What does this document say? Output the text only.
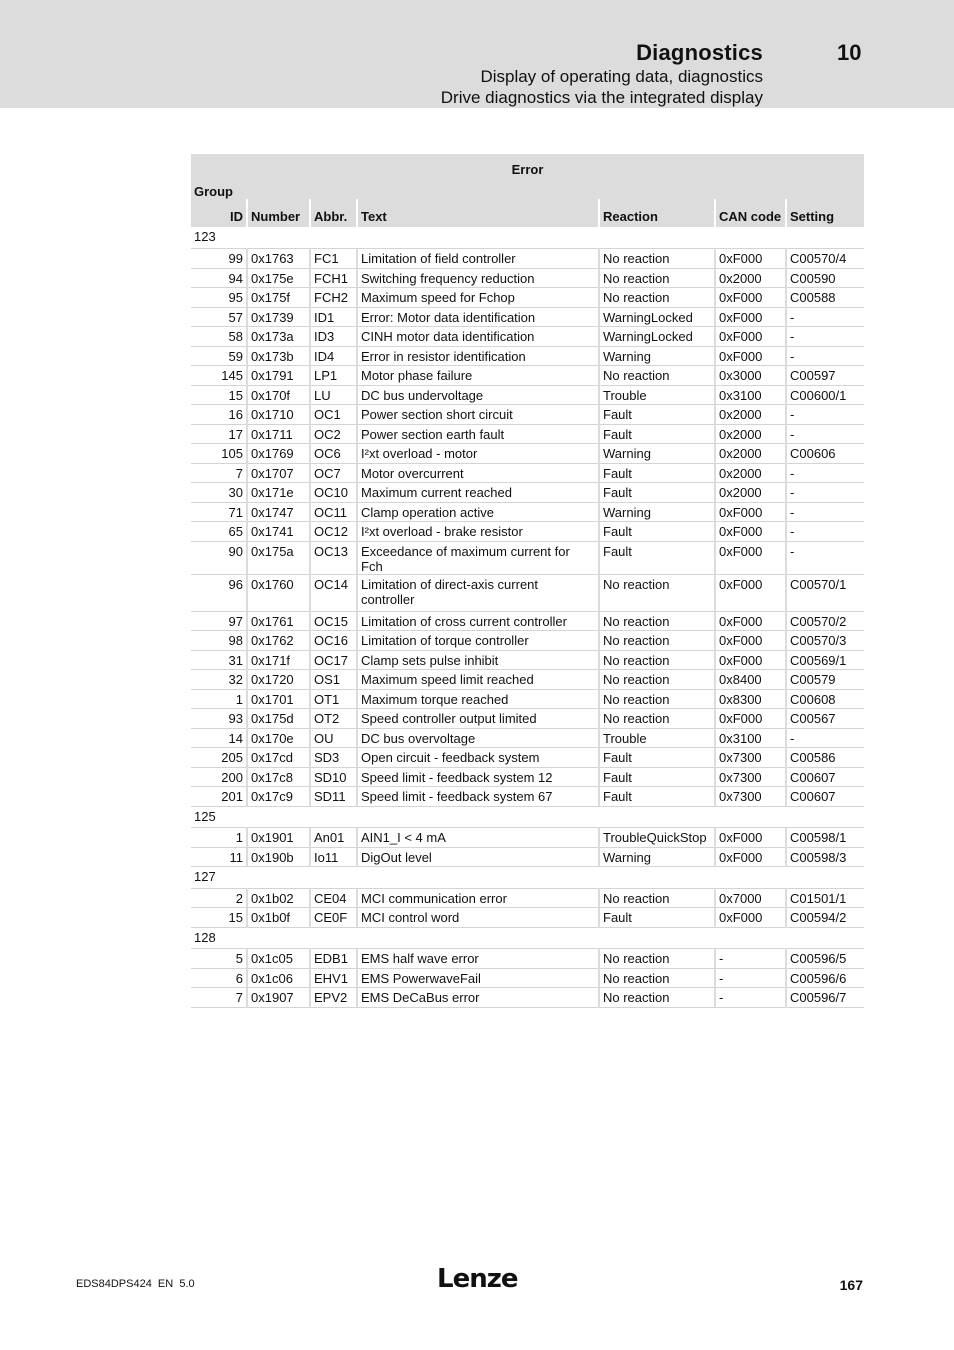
Diagnostics	10
Display of operating data, diagnostics
Drive diagnostics via the integrated display
Error						
Group						
ID	Number	Abbr.	Text	Reaction	CAN code	Setting
123						
99	0x1763	FC1	Limitation of field controller	No reaction	0xF000	C00570/4
94	0x175e	FCH1	Switching frequency reduction	No reaction	0x2000	C00590
95	0x175f	FCH2	Maximum speed for Fchop	No reaction	0xF000	C00588
57	0x1739	ID1	Error: Motor data identification	WarningLocked	0xF000	-
58	0x173a	ID3	CINH motor data identification	WarningLocked	0xF000	-
59	0x173b	ID4	Error in resistor identification	Warning	0xF000	-
145	0x1791	LP1	Motor phase failure	No reaction	0x3000	C00597
15	0x170f	LU	DC bus undervoltage	Trouble	0x3100	C00600/1
16	0x1710	OC1	Power section short circuit	Fault	0x2000	-
17	0x1711	OC2	Power section earth fault	Fault	0x2000	-
105	0x1769	OC6	I²xt overload - motor	Warning	0x2000	C00606
7	0x1707	OC7	Motor overcurrent	Fault	0x2000	-
30	0x171e	OC10	Maximum current reached	Fault	0x2000	-
71	0x1747	OC11	Clamp operation active	Warning	0xF000	-
65	0x1741	OC12	I²xt overload - brake resistor	Fault	0xF000	-
90	0x175a	OC13	Exceedance of maximum current for Fch	Fault	0xF000	-
96	0x1760	OC14	Limitation of direct-axis current controller	No reaction	0xF000	C00570/1
97	0x1761	OC15	Limitation of cross current controller	No reaction	0xF000	C00570/2
98	0x1762	OC16	Limitation of torque controller	No reaction	0xF000	C00570/3
31	0x171f	OC17	Clamp sets pulse inhibit	No reaction	0xF000	C00569/1
32	0x1720	OS1	Maximum speed limit reached	No reaction	0x8400	C00579
1	0x1701	OT1	Maximum torque reached	No reaction	0x8300	C00608
93	0x175d	OT2	Speed controller output limited	No reaction	0xF000	C00567
14	0x170e	OU	DC bus overvoltage	Trouble	0x3100	-
205	0x17cd	SD3	Open circuit - feedback system	Fault	0x7300	C00586
200	0x17c8	SD10	Speed limit - feedback system 12	Fault	0x7300	C00607
201	0x17c9	SD11	Speed limit - feedback system 67	Fault	0x7300	C00607
125						
1	0x1901	An01	AIN1_I < 4 mA	TroubleQuickStop	0xF000	C00598/1
11	0x190b	Io11	DigOut level	Warning	0xF000	C00598/3
127						
2	0x1b02	CE04	MCI communication error	No reaction	0x7000	C01501/1
15	0x1b0f	CE0F	MCI control word	Fault	0xF000	C00594/2
128						
5	0x1c05	EDB1	EMS half wave error	No reaction	-	C00596/5
6	0x1c06	EHV1	EMS PowerwaveFail	No reaction	-	C00596/6
7	0x1907	EPV2	EMS DeCaBus error	No reaction	-	C00596/7
EDS84DPS424  EN  5.0	Lenze	167
